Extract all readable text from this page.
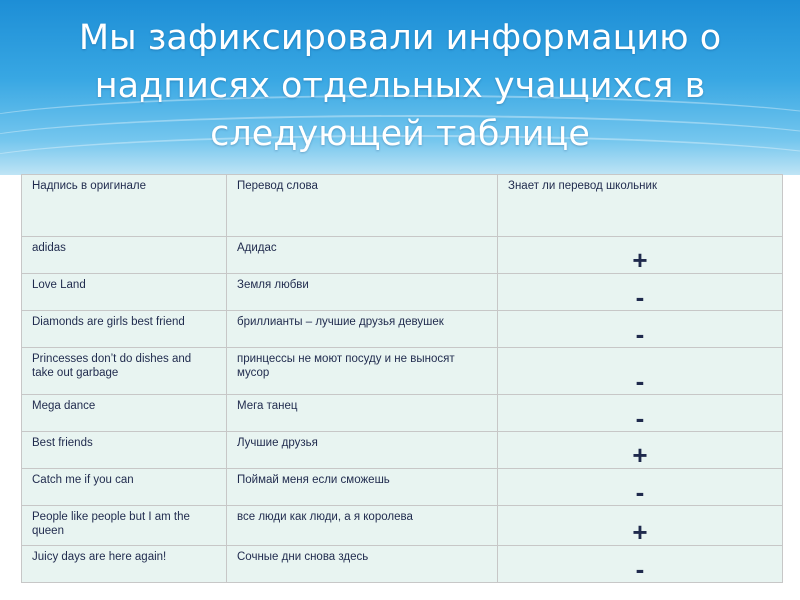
Мы зафиксировали информацию о надписях отдельных учащихся в следующей таблице
Надпись в оригинале	Перевод слова	Знает ли перевод школьник
adidas	Адидас	+
Love Land	Земля любви	-
Diamonds are girls best friend	бриллианты – лучшие друзья девушек	-
Princesses don’t do dishes and take out garbage	принцессы не моют посуду и не выносят мусор	-
Mega dance	Мега танец	-
Best friends	Лучшие друзья	+
Catch me if you can	Поймай меня если сможешь	-
People like people but I am the queen	все люди как люди, а я королева	+
Juicy days are here again!	Сочные дни снова здесь	-
